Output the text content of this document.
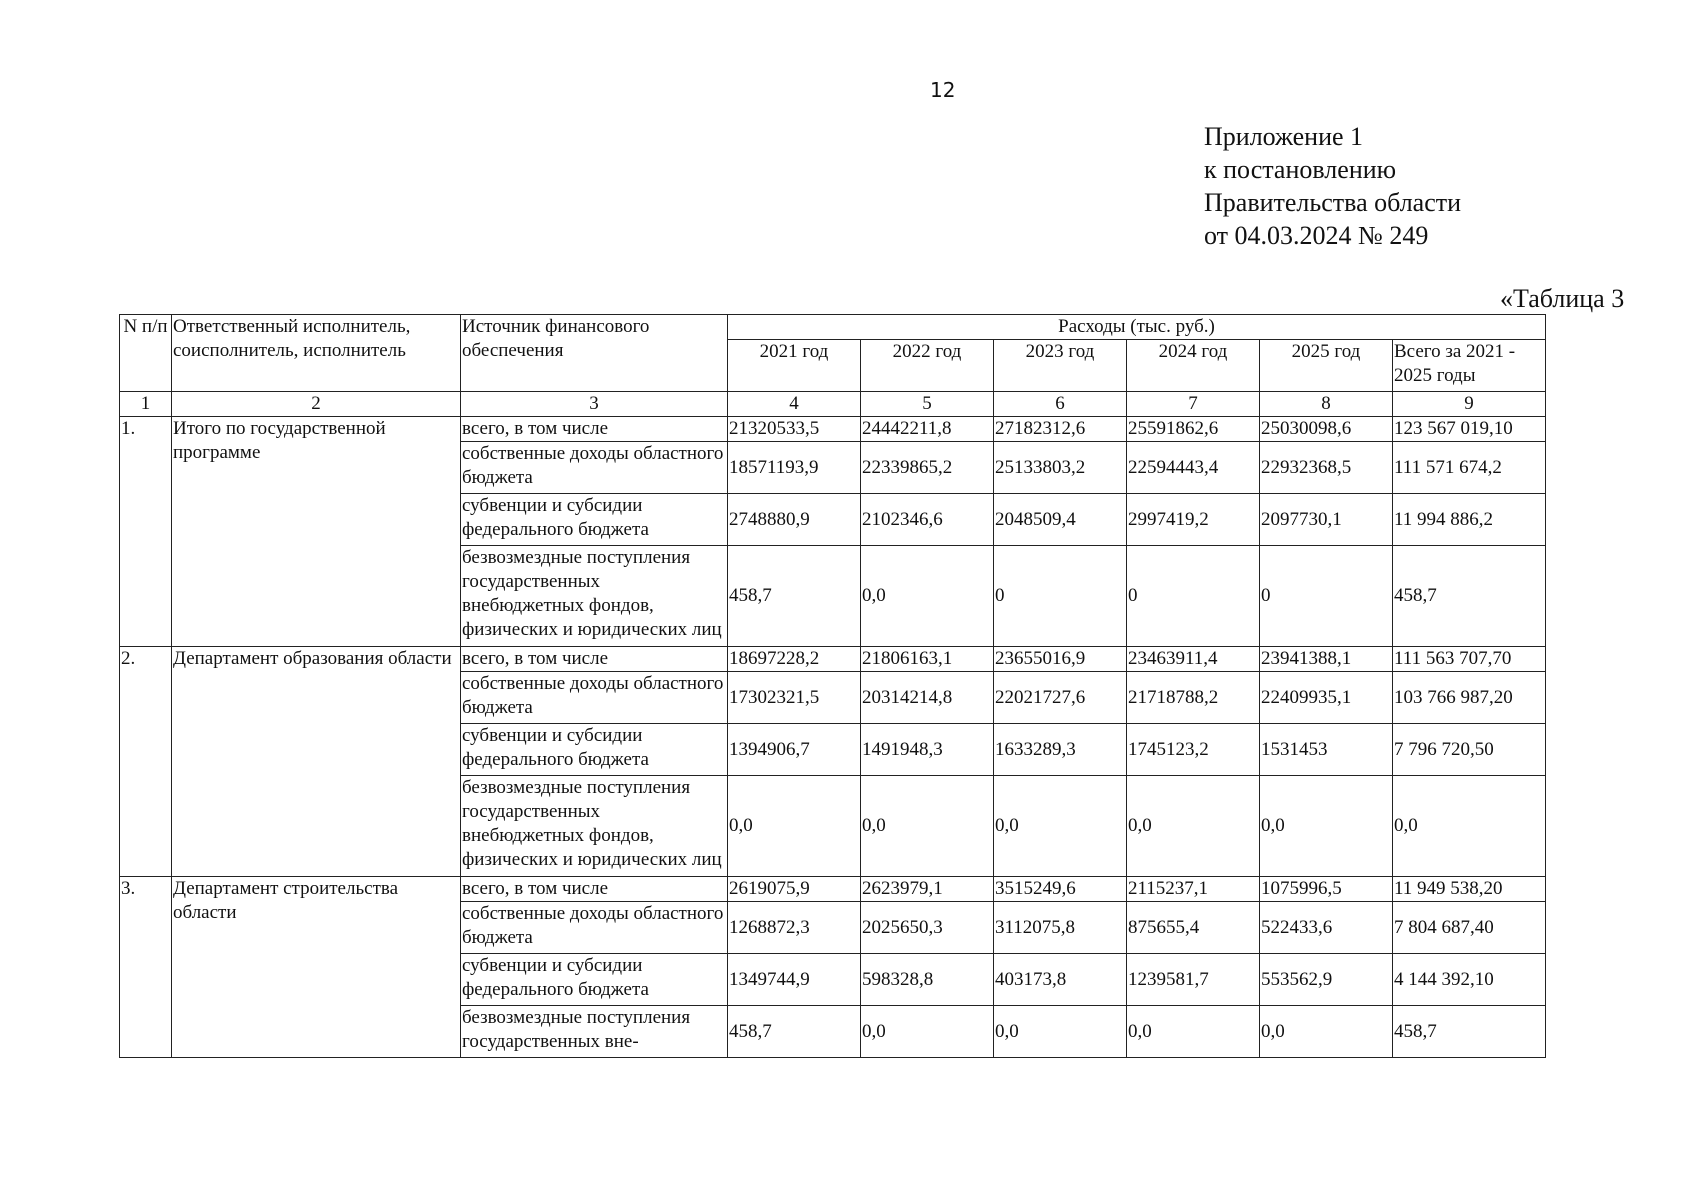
12
Приложение 1
к постановлению
Правительства области
от 04.03.2024 № 249
«Таблица 3
N п/п	Ответственный исполнитель, соисполнитель, исполнитель	Источник финансового обеспечения	Расходы (тыс. руб.)					
			2021 год	2022 год	2023 год	2024 год	2025 год	Всего за 2021 - 2025 годы
1	2	3	4	5	6	7	8	9
1.	Итого по государственной программе	всего, в том числе	21320533,5	24442211,8	27182312,6	25591862,6	25030098,6	123 567 019,10
		собственные доходы областного бюджета	18571193,9	22339865,2	25133803,2	22594443,4	22932368,5	111 571 674,2
		субвенции и субсидии федерального бюджета	2748880,9	2102346,6	2048509,4	2997419,2	2097730,1	11 994 886,2
		безвозмездные поступления государственных внебюджетных фондов, физических и юридических лиц	458,7	0,0	0	0	0	458,7
2.	Департамент образования области	всего, в том числе	18697228,2	21806163,1	23655016,9	23463911,4	23941388,1	111 563 707,70
		собственные доходы областного бюджета	17302321,5	20314214,8	22021727,6	21718788,2	22409935,1	103 766 987,20
		субвенции и субсидии федерального бюджета	1394906,7	1491948,3	1633289,3	1745123,2	1531453	7 796 720,50
		безвозмездные поступления государственных внебюджетных фондов, физических и юридических лиц	0,0	0,0	0,0	0,0	0,0	0,0
3.	Департамент строительства области	всего, в том числе	2619075,9	2623979,1	3515249,6	2115237,1	1075996,5	11 949 538,20
		собственные доходы областного бюджета	1268872,3	2025650,3	3112075,8	875655,4	522433,6	7 804 687,40
		субвенции и субсидии федерального бюджета	1349744,9	598328,8	403173,8	1239581,7	553562,9	4 144 392,10
		безвозмездные поступления государственных вне-	458,7	0,0	0,0	0,0	0,0	458,7
